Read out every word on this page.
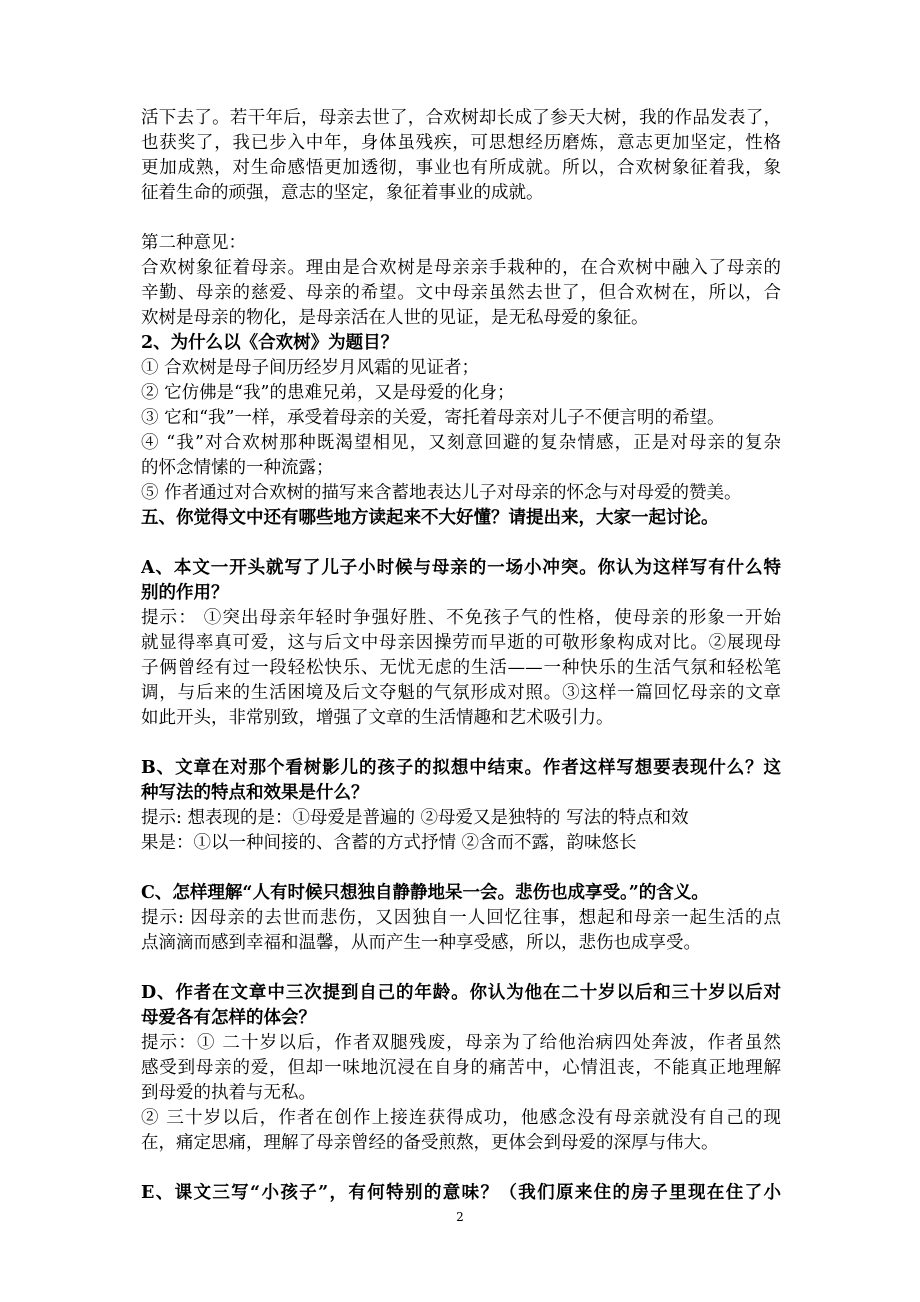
活下去了。若干年后，母亲去世了，合欢树却长成了参天大树，我的作品发表了，
也获奖了，我已步入中年，身体虽残疾，可思想经历磨炼，意志更加坚定，性格
更加成熟，对生命感悟更加透彻，事业也有所成就。所以，合欢树象征着我，象
征着生命的顽强，意志的坚定，象征着事业的成就。
第二种意见：
合欢树象征着母亲。理由是合欢树是母亲亲手栽种的，在合欢树中融入了母亲的
辛勤、母亲的慈爱、母亲的希望。文中母亲虽然去世了，但合欢树在，所以，合
欢树是母亲的物化，是母亲活在人世的见证，是无私母爱的象征。
2、为什么以《合欢树》为题目？
① 合欢树是母子间历经岁月风霜的见证者；
② 它仿佛是“我”的患难兄弟，又是母爱的化身；
③ 它和“我”一样，承受着母亲的关爱，寄托着母亲对儿子不便言明的希望。
④ “我”对合欢树那种既渴望相见，又刻意回避的复杂情感，正是对母亲的复杂
的怀念情愫的一种流露；
⑤ 作者通过对合欢树的描写来含蓄地表达儿子对母亲的怀念与对母爱的赞美。
五、你觉得文中还有哪些地方读起来不大好懂？请提出来，大家一起讨论。
A、本文一开头就写了儿子小时候与母亲的一场小冲突。你认为这样写有什么特
别的作用？
提示： ①突出母亲年轻时争强好胜、不免孩子气的性格，使母亲的形象一开始
就显得率真可爱，这与后文中母亲因操劳而早逝的可敬形象构成对比。②展现母
子俩曾经有过一段轻松快乐、无忧无虑的生活——一种快乐的生活气氛和轻松笔
调，与后来的生活困境及后文夺魁的气氛形成对照。③这样一篇回忆母亲的文章
如此开头，非常别致，增强了文章的生活情趣和艺术吸引力。
B、文章在对那个看树影儿的孩子的拟想中结束。作者这样写想要表现什么？这
种写法的特点和效果是什么？
提示: 想表现的是：①母爱是普遍的 ②母爱又是独特的 写法的特点和效
果是：①以一种间接的、含蓄的方式抒情 ②含而不露，韵味悠长
C、怎样理解“人有时候只想独自静静地呆一会。悲伤也成享受。”的含义。
提示: 因母亲的去世而悲伤，又因独自一人回忆往事，想起和母亲一起生活的点
点滴滴而感到幸福和温馨，从而产生一种享受感，所以，悲伤也成享受。
D、作者在文章中三次提到自己的年龄。你认为他在二十岁以后和三十岁以后对
母爱各有怎样的体会？
提示：① 二十岁以后，作者双腿残废，母亲为了给他治病四处奔波，作者虽然
感受到母亲的爱，但却一味地沉浸在自身的痛苦中，心情沮丧，不能真正地理解
到母爱的执着与无私。
② 三十岁以后，作者在创作上接连获得成功，他感念没有母亲就没有自己的现
在，痛定思痛，理解了母亲曾经的备受煎熬，更体会到母爱的深厚与伟大。
E、课文三写“小孩子”，有何特别的意味？（我们原来住的房子里现在住了小
2
